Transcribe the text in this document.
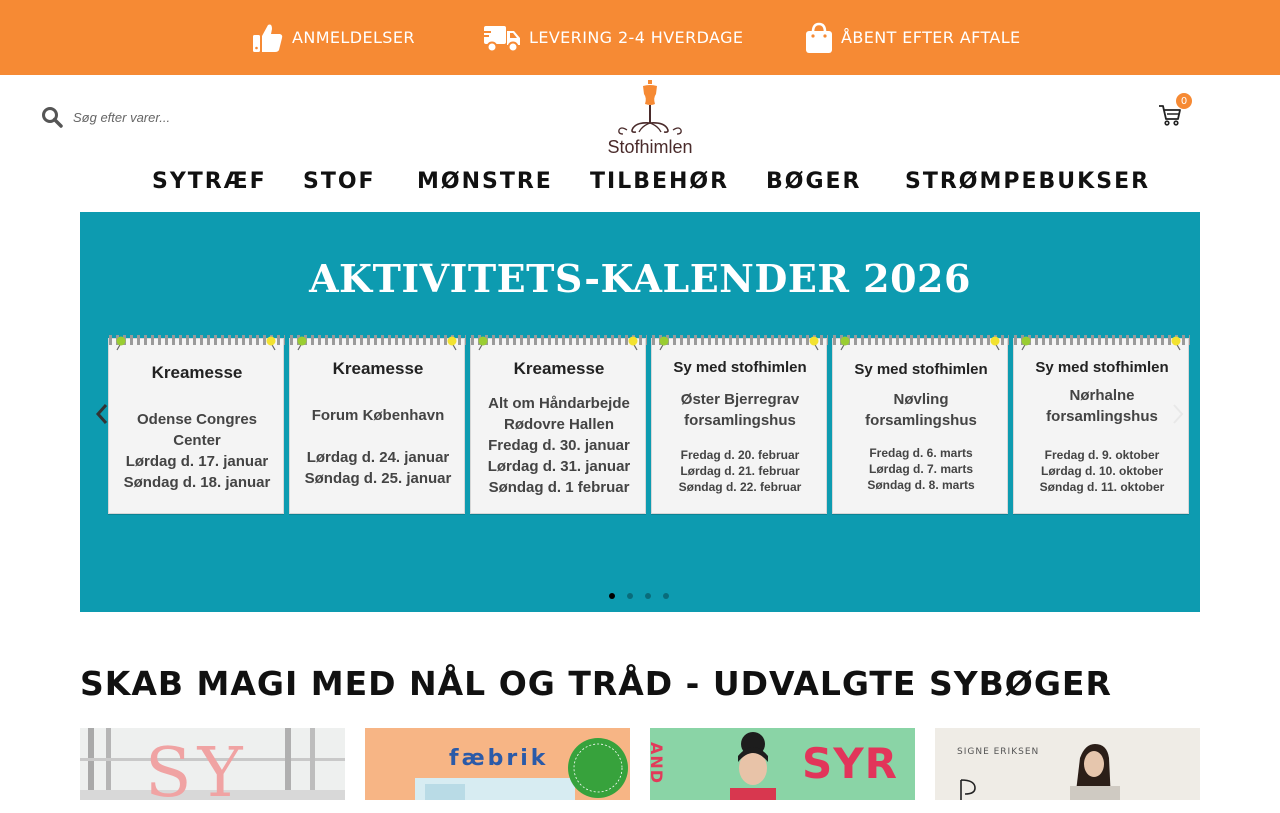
ANMELDELSER	LEVERING 2-4 HVERDAGE	ÅBENT EFTER AFTALE
Søg efter varer...
Stofhimlen
0
SYTRÆF STOF MØNSTRE TILBEHØR BØGER STRØMPEBUKSER
AKTIVITETS-KALENDER 2026
Kreamesse
Odense Congres
Center
Lørdag d. 17. januar
Søndag d. 18. januar
Kreamesse
Forum København
Lørdag d. 24. januar
Søndag d. 25. januar
Kreamesse
Alt om Håndarbejde
Rødovre Hallen
Fredag d. 30. januar
Lørdag d. 31. januar
Søndag d. 1 februar
Sy med stofhimlen
Øster Bjerregrav
forsamlingshus
Fredag d. 20. februar
Lørdag d. 21. februar
Søndag d. 22. februar
Sy med stofhimlen
Nøvling
forsamlingshus
Fredag d. 6. marts
Lørdag d. 7. marts
Søndag d. 8. marts
Sy med stofhimlen
Nørhalne
forsamlingshus
Fredag d. 9. oktober
Lørdag d. 10. oktober
Søndag d. 11. oktober
SKAB MAGI MED NÅL OG TRÅD - UDVALGTE SYBØGER
SY	fæbrik	AND	SYR	SIGNE ERIKSEN
